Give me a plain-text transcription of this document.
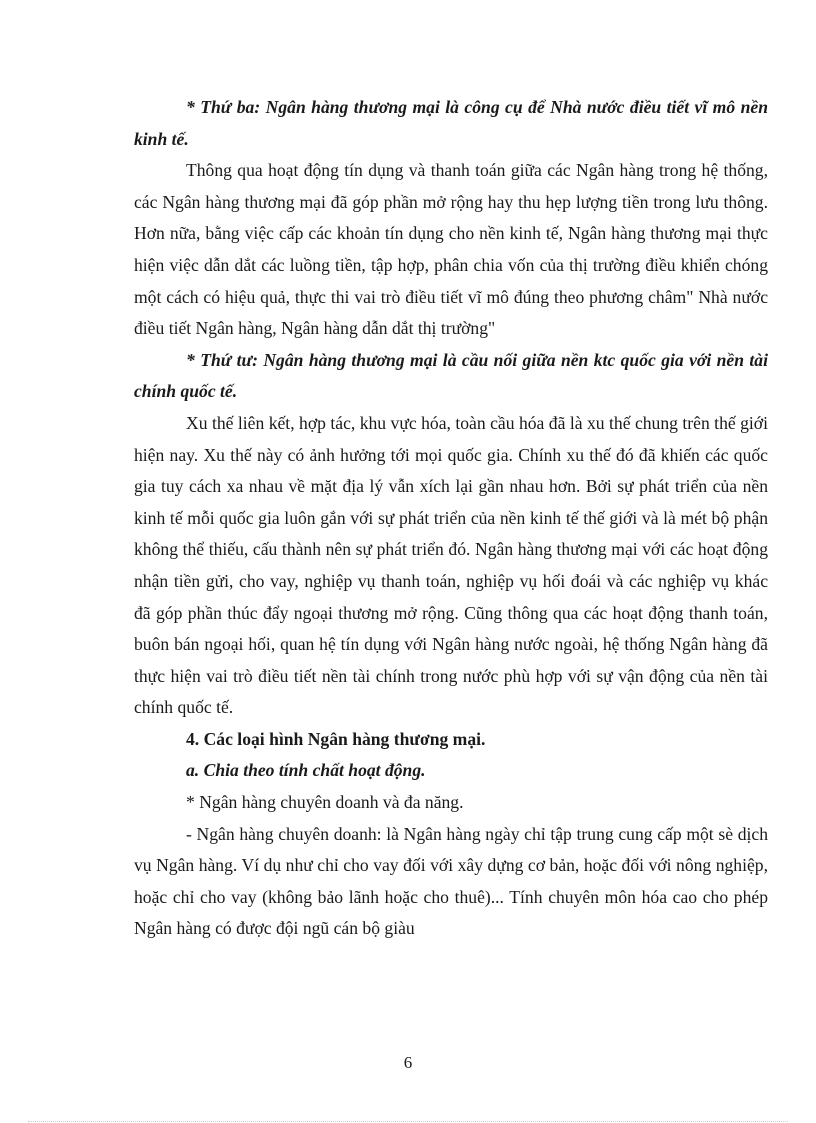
* Thứ ba: Ngân hàng thương mại là công cụ để Nhà nước điều tiết vĩ mô nền kinh tế.

Thông qua hoạt động tín dụng và thanh toán giữa các Ngân hàng trong hệ thống, các Ngân hàng thương mại đã góp phần mở rộng hay thu hẹp lượng tiền trong lưu thông. Hơn nữa, bằng việc cấp các khoản tín dụng cho nền kinh tế, Ngân hàng thương mại thực hiện việc dẫn dắt các luồng tiền, tập hợp, phân chia vốn của thị trường điều khiển chóng một cách có hiệu quả, thực thi vai trò điều tiết vĩ mô đúng theo phương châm" Nhà nước điều tiết Ngân hàng, Ngân hàng dẫn dắt thị trường"

* Thứ tư: Ngân hàng thương mại là cầu nối giữa nền ktc quốc gia với nền tài chính quốc tế.

Xu thế liên kết, hợp tác, khu vực hóa, toàn cầu hóa đã là xu thế chung trên thế giới hiện nay. Xu thế này có ảnh hưởng tới mọi quốc gia. Chính xu thế đó đã khiến các quốc gia tuy cách xa nhau về mặt địa lý vẫn xích lại gần nhau hơn. Bởi sự phát triển của nền kinh tế mỗi quốc gia luôn gắn với sự phát triển của nền kinh tế thế giới và là mét bộ phận không thể thiếu, cấu thành nên sự phát triển đó. Ngân hàng thương mại với các hoạt động nhận tiền gửi, cho vay, nghiệp vụ thanh toán, nghiệp vụ hối đoái và các nghiệp vụ khác đã góp phần thúc đẩy ngoại thương mở rộng. Cũng thông qua các hoạt động thanh toán, buôn bán ngoại hối, quan hệ tín dụng với Ngân hàng nước ngoài, hệ thống Ngân hàng đã thực hiện vai trò điều tiết nền tài chính trong nước phù hợp với sự vận động của nền tài chính quốc tế.

4. Các loại hình Ngân hàng thương mại.

a. Chia theo tính chất hoạt động.

* Ngân hàng chuyên doanh và đa năng.

- Ngân hàng chuyên doanh: là Ngân hàng ngày chỉ tập trung cung cấp một sè dịch vụ Ngân hàng. Ví dụ như chỉ cho vay đối với xây dựng cơ bản, hoặc đối với nông nghiệp, hoặc chỉ cho vay (không bảo lãnh hoặc cho thuê)... Tính chuyên môn hóa cao cho phép Ngân hàng có được đội ngũ cán bộ giàu

6
